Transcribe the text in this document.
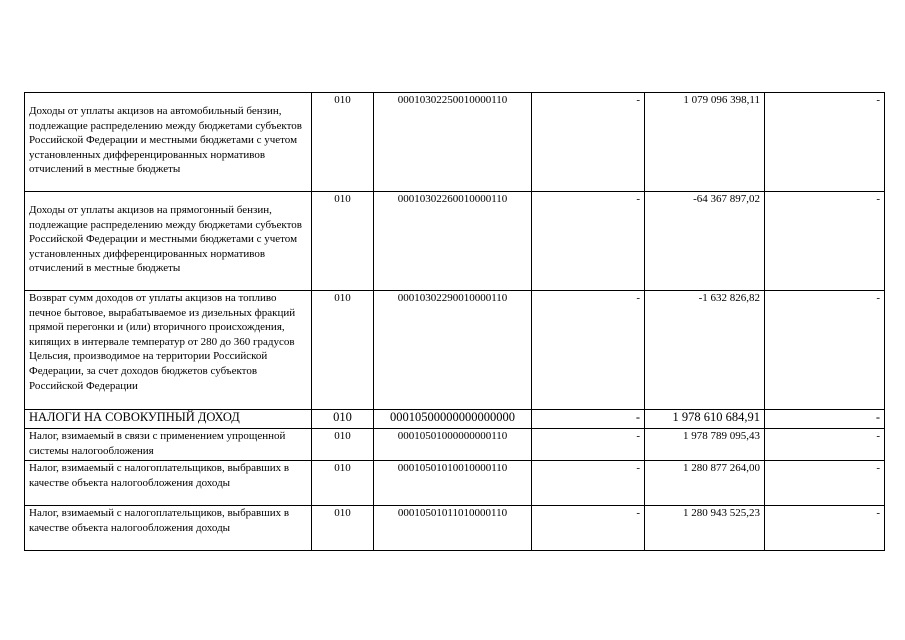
Доходы от уплаты акцизов на автомобильный бензин, подлежащие распределению между бюджетами субъектов Российской Федерации и местными бюджетами с учетом установленных дифференцированных нормативов отчислений в местные бюджеты	010	00010302250010000110	-	1 079 096 398,11	-

Доходы от уплаты акцизов на прямогонный бензин, подлежащие распределению между бюджетами субъектов Российской Федерации и местными бюджетами с учетом установленных дифференцированных нормативов отчислений в местные бюджеты	010	00010302260010000110	-	-64 367 897,02	-
Возврат сумм доходов от уплаты акцизов на топливо печное бытовое, вырабатываемое из дизельных фракций прямой перегонки и (или) вторичного происхождения, кипящих в интервале температур от 280 до 360 градусов Цельсия, производимое на территории Российской Федерации, за счет доходов бюджетов субъектов Российской Федерации	010	00010302290010000110	-	-1 632 826,82	-
НАЛОГИ НА СОВОКУПНЫЙ ДОХОД	010	00010500000000000000	-	1 978 610 684,91	-
Налог, взимаемый в связи с применением упрощенной системы налогообложения	010	00010501000000000110	-	1 978 789 095,43	-
Налог, взимаемый с налогоплательщиков, выбравших в качестве объекта налогообложения доходы	010	00010501010010000110	-	1 280 877 264,00	-
Налог, взимаемый с налогоплательщиков, выбравших в качестве объекта налогообложения доходы	010	00010501011010000110	-	1 280 943 525,23	-
